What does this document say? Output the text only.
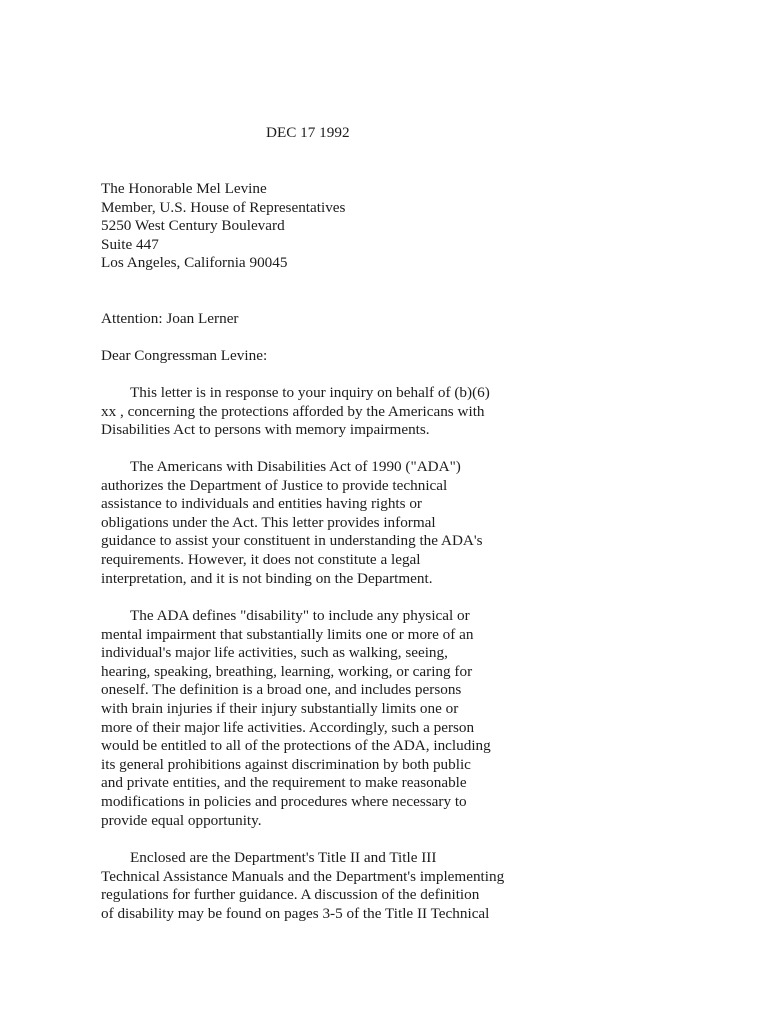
DEC 17 1992
The Honorable Mel Levine
Member, U.S. House of Representatives
5250 West Century Boulevard
Suite 447
Los Angeles, California 90045
Attention: Joan Lerner
Dear Congressman Levine:
This letter is in response to your inquiry on behalf of (b)(6)
xx , concerning the protections afforded by the Americans with
Disabilities Act to persons with memory impairments.
The Americans with Disabilities Act of 1990 ("ADA")
authorizes the Department of Justice to provide technical
assistance to individuals and entities having rights or
obligations under the Act. This letter provides informal
guidance to assist your constituent in understanding the ADA's
requirements. However, it does not constitute a legal
interpretation, and it is not binding on the Department.
The ADA defines "disability" to include any physical or
mental impairment that substantially limits one or more of an
individual's major life activities, such as walking, seeing,
hearing, speaking, breathing, learning, working, or caring for
oneself. The definition is a broad one, and includes persons
with brain injuries if their injury substantially limits one or
more of their major life activities. Accordingly, such a person
would be entitled to all of the protections of the ADA, including
its general prohibitions against discrimination by both public
and private entities, and the requirement to make reasonable
modifications in policies and procedures where necessary to
provide equal opportunity.
Enclosed are the Department's Title II and Title III
Technical Assistance Manuals and the Department's implementing
regulations for further guidance. A discussion of the definition
of disability may be found on pages 3-5 of the Title II Technical
